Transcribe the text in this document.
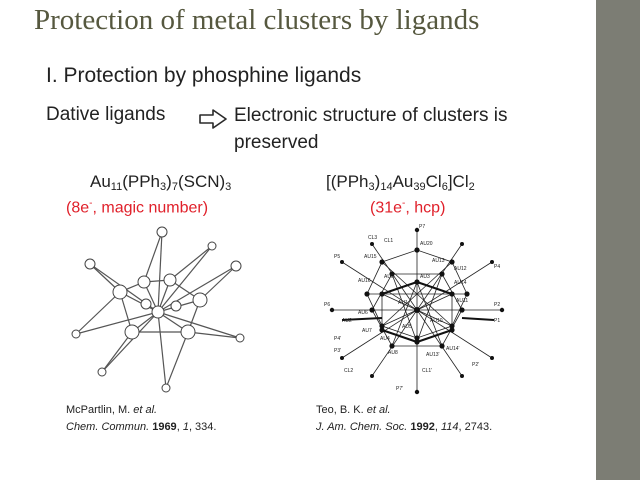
Protection of metal clusters by ligands
I. Protection by phosphine ligands
Dative ligands	Electronic structure of clusters is preserved
$Au_{11}(PPh_3)_7(SCN)_3$
(8e-, magic number)
$[(PPh_3)_{14}Au_{39}Cl_6]Cl_2$
(31e-, hcp)
P7
CL3 CL1	AU20
P5	AU15
AU13
AU12	P4
AU14
AU16
AU9	AU3
AU1	AU11
P2
P6
AU2
AU6
P1
AU4
AU10
AU5
AU7
AU8
P4'
AU13'
P3'	AU14'
CL2	CL1'
P2'
P7'
McPartlin, M. et al.
Chem. Commun. 1969, 1, 334.
Teo, B. K. et al.
J. Am. Chem. Soc. 1992, 114, 2743.
